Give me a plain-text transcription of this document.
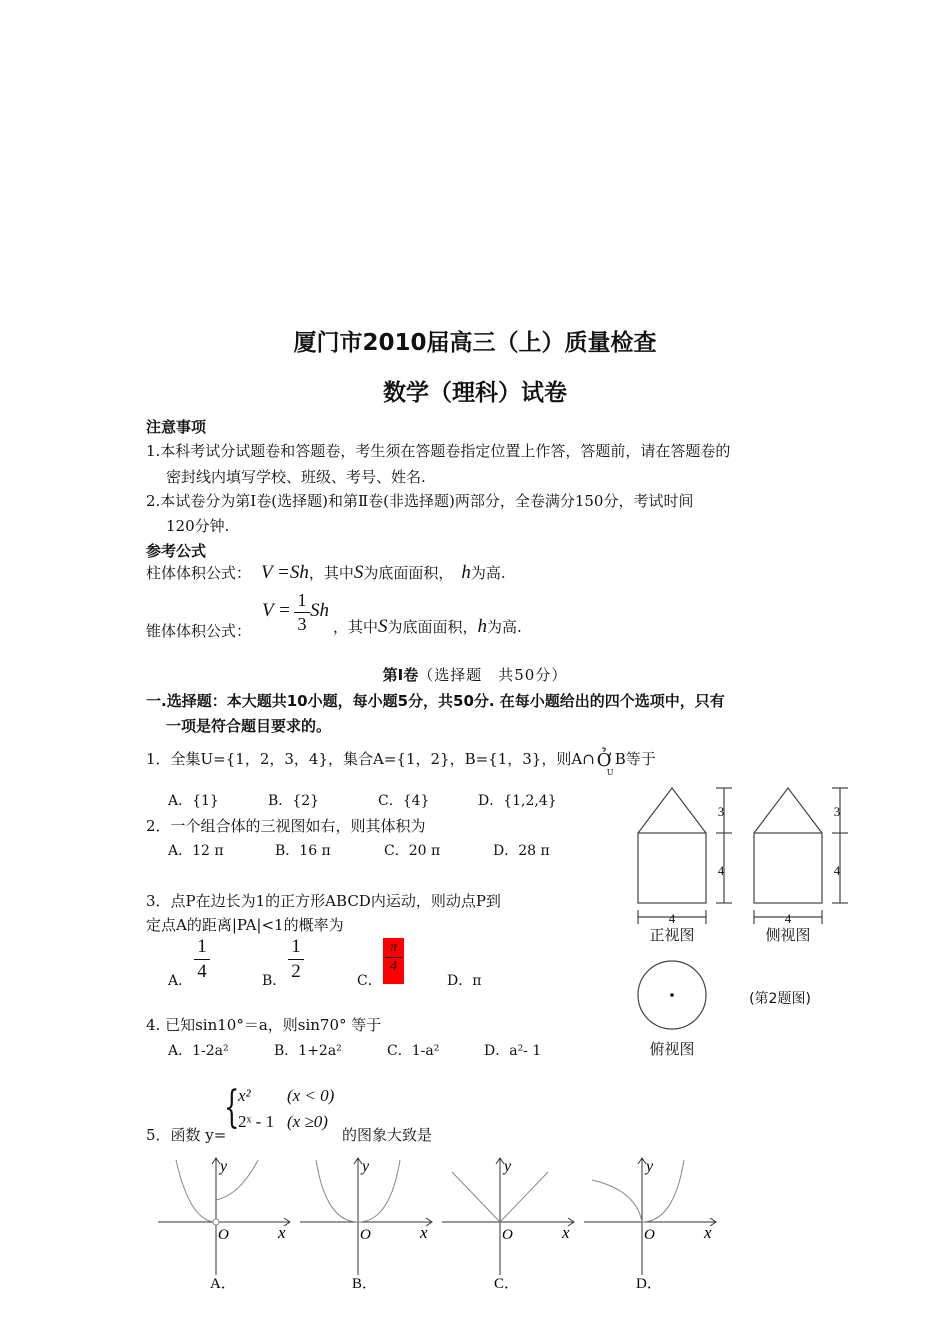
厦门市2010届高三（上）质量检查
数学（理科）试卷
注意事项
1.本科考试分试题卷和答题卷，考生须在答题卷指定位置上作答，答题前，请在答题卷的
密封线内填写学校、班级、考号、姓名.
2.本试卷分为第Ⅰ卷(选择题)和第Ⅱ卷(非选择题)两部分，全卷满分150分，考试时间
120分钟.
参考公式
柱体体积公式： V =Sh，其中S为底面面积， h为高.
锥体体积公式：
V = 1
3
Sh
，其中S为底面面积，h为高.
第Ⅰ卷（选择题　共50分）
一.选择题：本大题共10小题，每小题5分，共50分. 在每小题给出的四个选项中，只有
一项是符合题目要求的。
1．全集U={1，2，3，4}，集合A={1，2}，B={1，3}，则A∩ Ở
U
B等于
A．{1}	B．{2}	C．{4}	D．{1,2,4}
2．一个组合体的三视图如右，则其体积为
A．12 π	B．16 π	C．20 π	D．28 π
3
4
3
4
4	4
正视图	侧视图
俯视图
(第2题图)
3．点P在边长为1的正方形ABCD内运动，则动点P到
定点A的距离|PA|<1的概率为
A．
1
4	B．
1
2	C．
π
4
D．π
4. 已知sin10°＝a，则sin70° 等于
A．1-2a²	B．1+2a²	C．1-a²	D．a²- 1
5．函数 y=
{
x² (x < 0)
2ˣ - 1 (x ≥0)
的图象大致是
y
x
O
A．
y
x
O
B．
y
x
O
C．
y
x
O
D．
